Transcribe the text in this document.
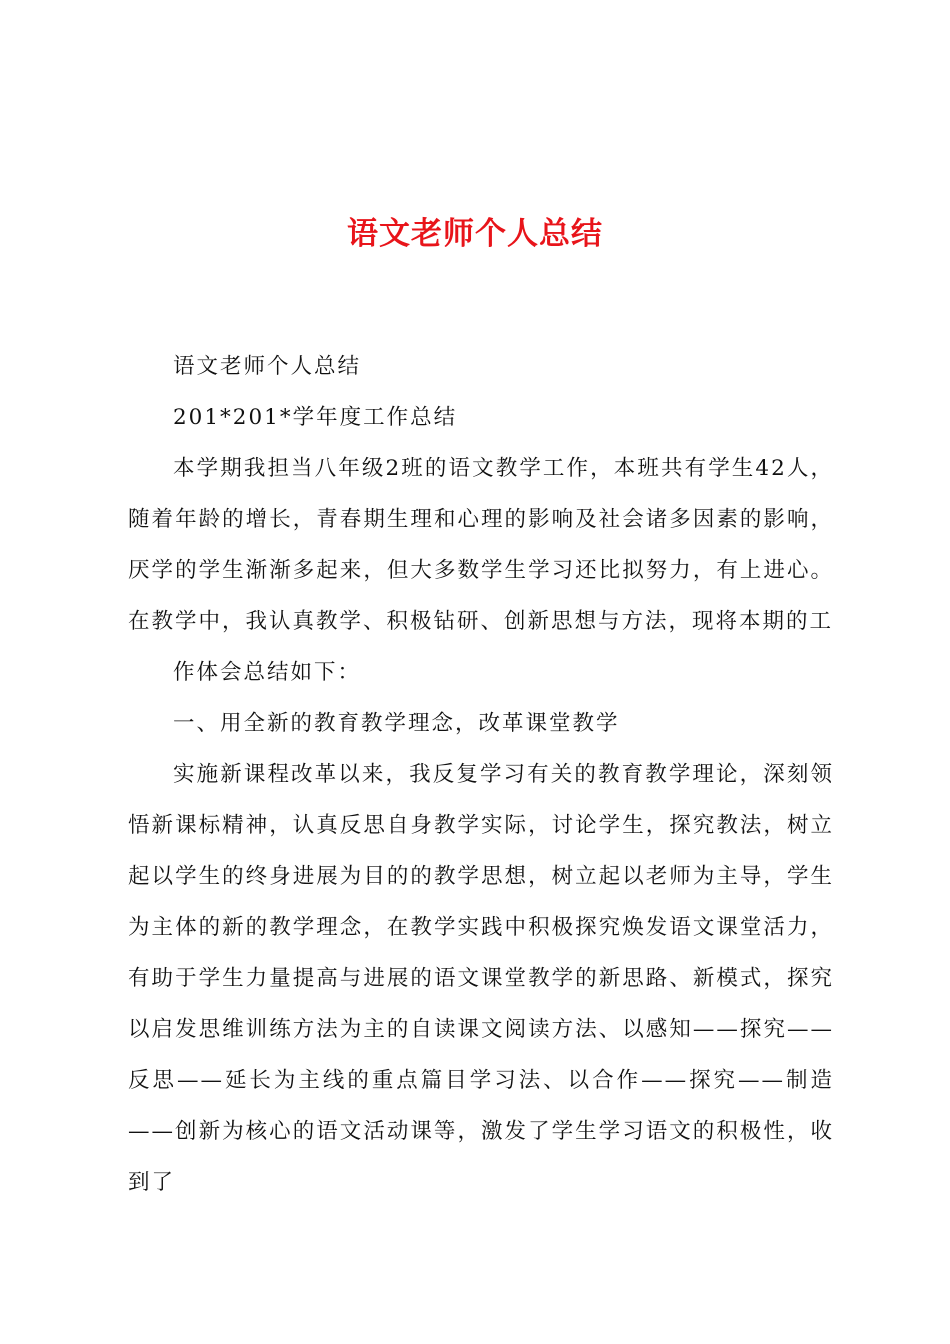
语文老师个人总结

语文老师个人总结

201*201*学年度工作总结

本学期我担当八年级2班的语文教学工作，本班共有学生42人，随着年龄的增长，青春期生理和心理的影响及社会诸多因素的影响，厌学的学生渐渐多起来，但大多数学生学习还比拟努力，有上进心。在教学中，我认真教学、积极钻研、创新思想与方法，现将本期的工

作体会总结如下：

一、用全新的教育教学理念，改革课堂教学

实施新课程改革以来，我反复学习有关的教育教学理论，深刻领悟新课标精神，认真反思自身教学实际，讨论学生，探究教法，树立起以学生的终身进展为目的的教学思想，树立起以老师为主导，学生为主体的新的教学理念，在教学实践中积极探究焕发语文课堂活力，有助于学生力量提高与进展的语文课堂教学的新思路、新模式，探究以启发思维训练方法为主的自读课文阅读方法、以感知——探究——反思——延长为主线的重点篇目学习法、以合作——探究——制造——创新为核心的语文活动课等，激发了学生学习语文的积极性，收到了
